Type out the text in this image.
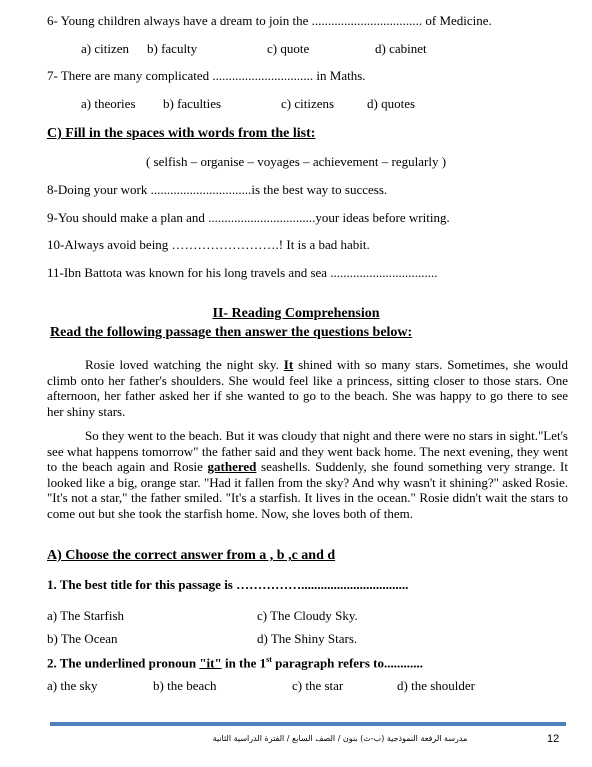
6- Young children always have a dream to join the .................................. of Medicine.
a) citizen b) faculty	c) quote	d) cabinet
7- There are many complicated ............................... in Maths.
a) theories b) faculties	c) citizens	d) quotes
C) Fill in the spaces with words from the list:
( selfish – organise – voyages – achievement – regularly )
8-Doing your work ...............................is the best way to success.
9-You should make a plan and .................................your ideas before writing.
10-Always avoid being …………………….! It is a bad habit.
11-Ibn Battota was known for his long travels and sea .................................
II- Reading Comprehension
Read the following passage then answer the questions below:

Rosie loved watching the night sky. It shined with so many stars. Sometimes, she would climb onto her father's shoulders. She would feel like a princess, sitting closer to those stars. One afternoon, her father asked her if she wanted to go to the beach. She was happy to go there to see her shiny stars.

So they went to the beach. But it was cloudy that night and there were no stars in sight."Let's see what happens tomorrow" the father said and they went back home. The next evening, they went to the beach again and Rosie gathered seashells. Suddenly, she found something very strange. It looked like a big, orange star. "Had it fallen from the sky? And why wasn't it shining?" asked Rosie. "It's not a star," the father smiled. "It's a starfish. It lives in the ocean." Rosie didn't wait the stars to come out but she took the starfish home. Now, she loves both of them.

A) Choose the correct answer from a , b ,c and d
1. The best title for this passage is …………….................................
a) The Starfish	c) The Cloudy Sky.
b) The Ocean	d) The Shiny Stars.
2. The underlined pronoun "it" in the 1st paragraph refers to............
a) the sky	b) the beach	c) the star	d) the shoulder
مدرسة الرفعة النموذجية (ب-ث) بنون / الصف السابع / الفترة الدراسية الثانية	12
